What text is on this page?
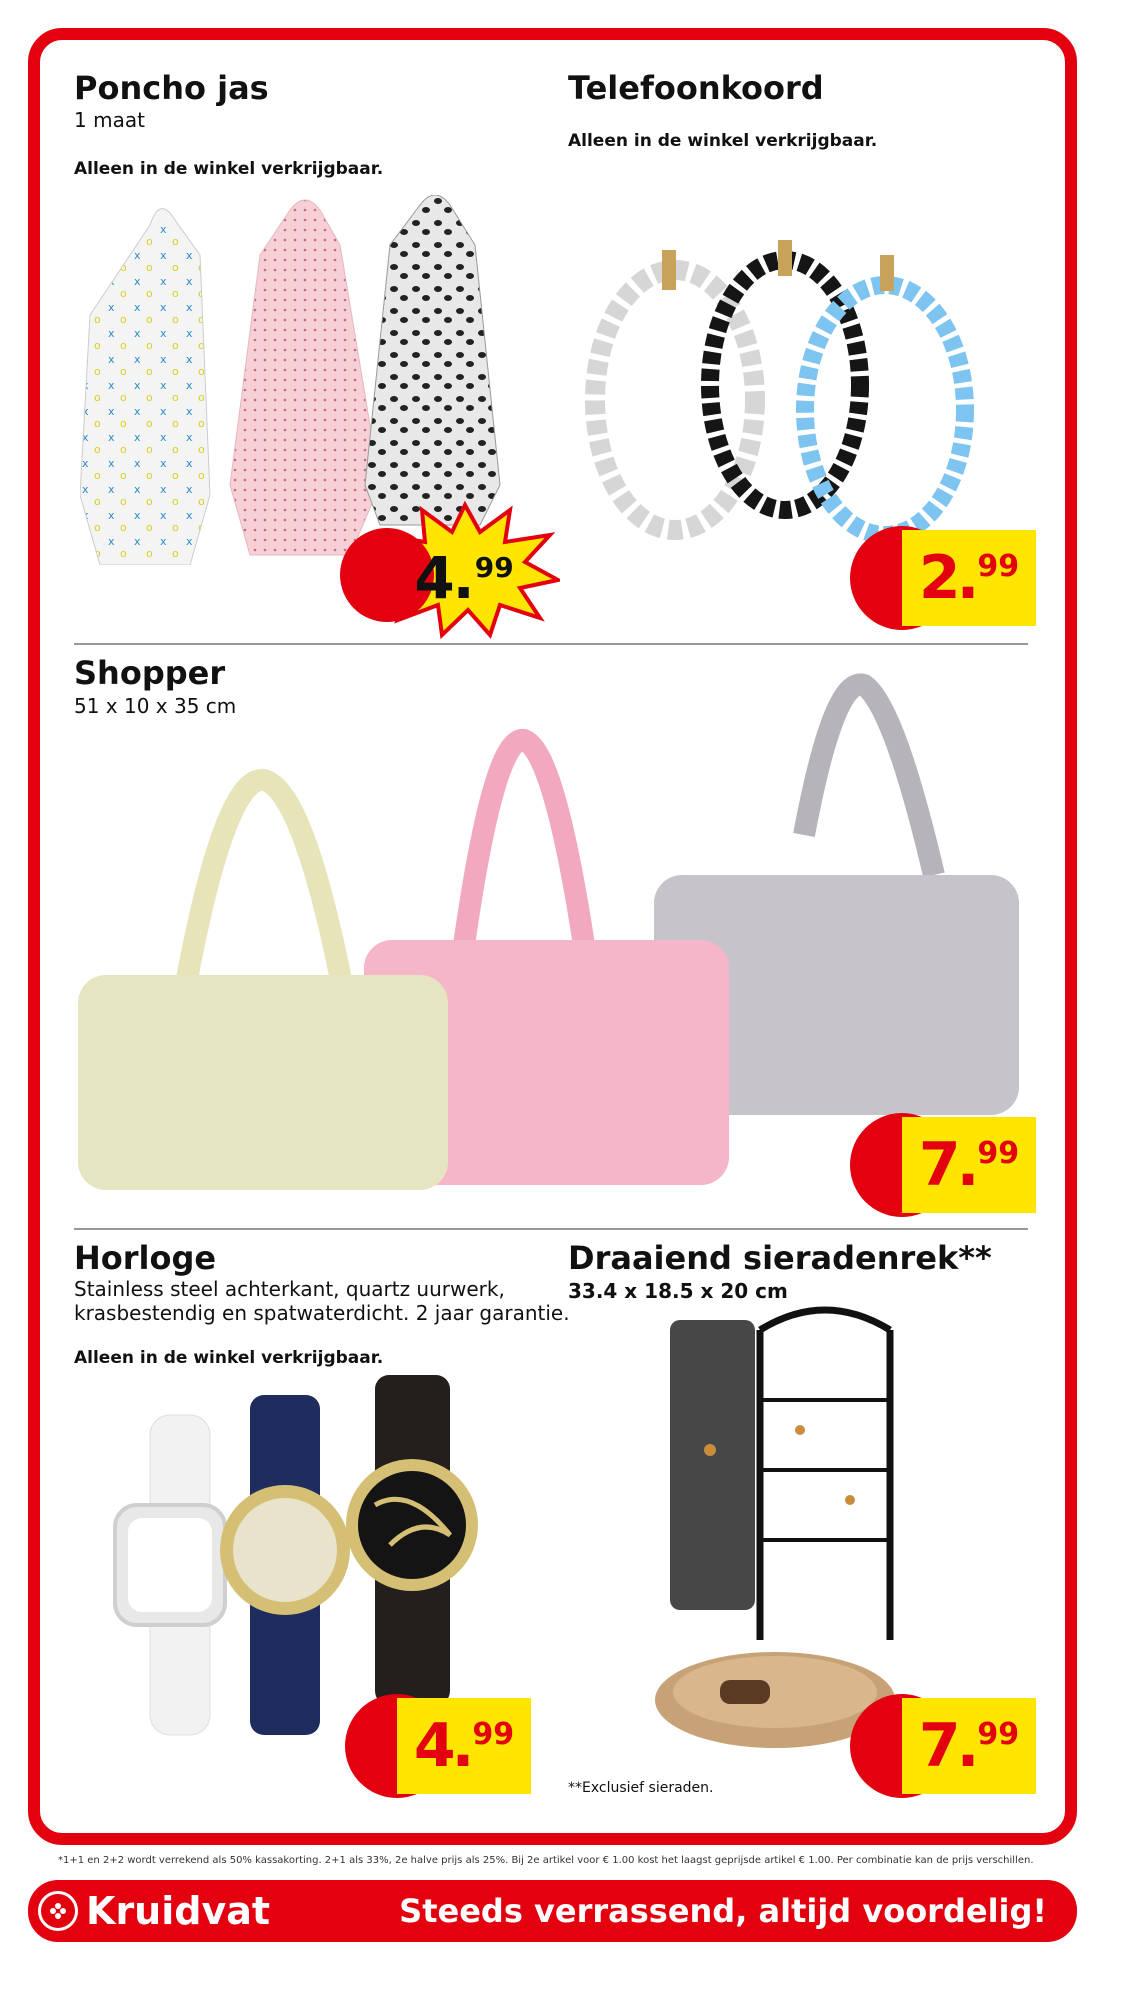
Poncho jas
1 maat
Alleen in de winkel verkrijgbaar.
4
. 99
Telefoonkoord
Alleen in de winkel verkrijgbaar.
2
.
99
Shopper
51 x 10 x 35 cm
7
.
99
Horloge
Stainless steel achterkant, quartz uurwerk,
krasbestendig en spatwaterdicht. 2 jaar garantie.
Alleen in de winkel verkrijgbaar.
4
.
99
Draaiend sieradenrek**
33.4 x 18.5 x 20 cm
**Exclusief sieraden.
7
.
99
*1+1 en 2+2 wordt verrekend als 50% kassakorting. 2+1 als 33%, 2e halve prijs als 25%. Bij 2e artikel voor € 1.00 kost het laagst geprijsde artikel € 1.00. Per combinatie kan de prijs verschillen.
Kruidvat	Steeds verrassend, altijd voordelig!
